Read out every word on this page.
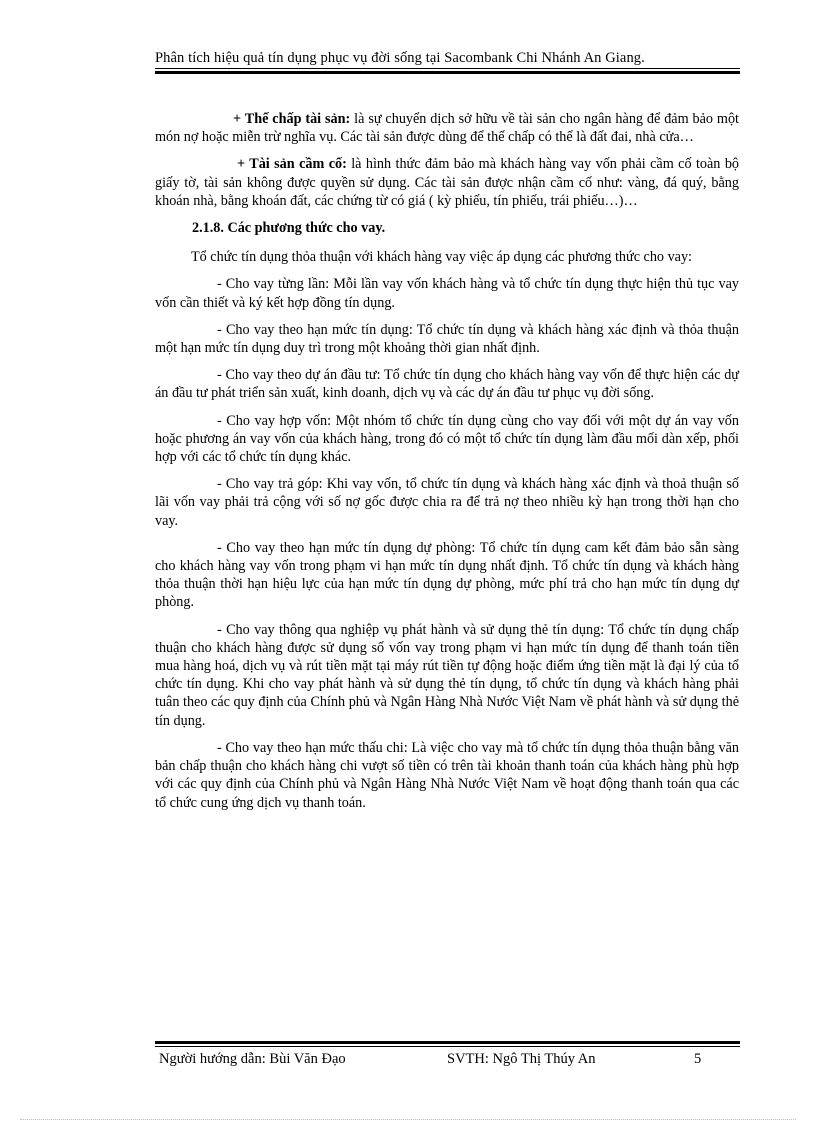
Phân tích hiệu quả tín dụng phục vụ đời sống tại Sacombank Chi Nhánh An Giang.

+ Thế chấp tài sản: là sự chuyển dịch sở hữu về tài sản cho ngân hàng để đảm bảo một món nợ hoặc miễn trừ nghĩa vụ. Các tài sản được dùng để thế chấp có thể là đất đai, nhà cửa…

+ Tài sản cầm cố: là hình thức đảm bảo mà khách hàng vay vốn phải cầm cố toàn bộ giấy tờ, tài sản không được quyền sử dụng. Các tài sản được nhận cầm cố như: vàng, đá quý, bằng khoán nhà, bằng khoán đất, các chứng từ có giá ( kỳ phiếu, tín phiếu, trái phiếu…)…

2.1.8. Các phương thức cho vay.

Tổ chức tín dụng thỏa thuận với khách hàng vay việc áp dụng các phương thức cho vay:

- Cho vay từng lần: Mỗi lần vay vốn khách hàng và tổ chức tín dụng thực hiện thủ tục vay vốn cần thiết và ký kết hợp đồng tín dụng.

- Cho vay theo hạn mức tín dụng: Tổ chức tín dụng và khách hàng xác định và thỏa thuận một hạn mức tín dụng duy trì trong một khoảng thời gian nhất định.

- Cho vay theo dự án đầu tư: Tổ chức tín dụng cho khách hàng vay vốn để thực hiện các dự án đầu tư phát triển sản xuất, kinh doanh, dịch vụ và các dự án đầu tư phục vụ đời sống.

- Cho vay hợp vốn: Một nhóm tổ chức tín dụng cùng cho vay đối với một dự án vay vốn hoặc phương án vay vốn của khách hàng, trong đó có một tổ chức tín dụng làm đầu mối dàn xếp, phối hợp với các tổ chức tín dụng khác.

- Cho vay trả góp: Khi vay vốn, tổ chức tín dụng và khách hàng xác định và thoả thuận số lãi vốn vay phải trả cộng với số nợ gốc được chia ra để trả nợ theo nhiều kỳ hạn trong thời hạn cho vay.

- Cho vay theo hạn mức tín dụng dự phòng: Tổ chức tín dụng cam kết đảm bảo sẵn sàng cho khách hàng vay vốn trong phạm vi hạn mức tín dụng nhất định. Tổ chức tín dụng và khách hàng thỏa thuận thời hạn hiệu lực của hạn mức tín dụng dự phòng, mức phí trả cho hạn mức tín dụng dự phòng.

- Cho vay thông qua nghiệp vụ phát hành và sử dụng thẻ tín dụng: Tổ chức tín dụng chấp thuận cho khách hàng được sử dụng số vốn vay trong phạm vi hạn mức tín dụng để thanh toán tiền mua hàng hoá, dịch vụ và rút tiền mặt tại máy rút tiền tự động hoặc điểm ứng tiền mặt là đại lý của tổ chức tín dụng. Khi cho vay phát hành và sử dụng thẻ tín dụng, tổ chức tín dụng và khách hàng phải tuân theo các quy định của Chính phủ và Ngân Hàng Nhà Nước Việt Nam về phát hành và sử dụng thẻ tín dụng.

- Cho vay theo hạn mức thấu chi: Là việc cho vay mà tổ chức tín dụng thỏa thuận bằng văn bản chấp thuận cho khách hàng chi vượt số tiền có trên tài khoản thanh toán của khách hàng phù hợp với các quy định của Chính phủ và Ngân Hàng Nhà Nước Việt Nam về hoạt động thanh toán qua các tổ chức cung ứng dịch vụ thanh toán.

Người hướng dẫn: Bùi Văn Đạo	SVTH: Ngô Thị Thúy An	5
